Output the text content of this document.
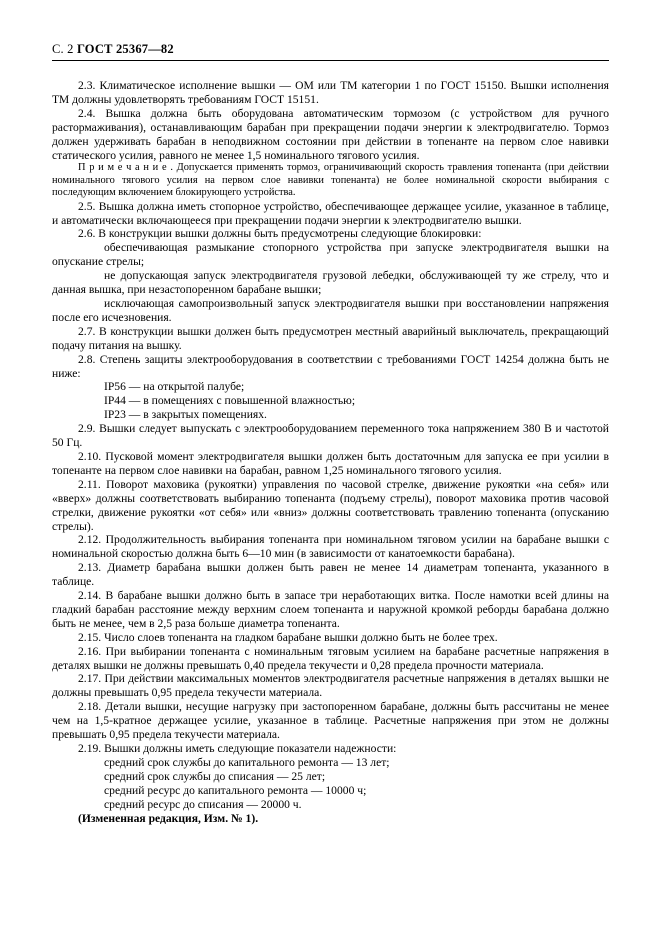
С. 2 ГОСТ 25367—82

2.3. Климатическое исполнение вышки — ОМ или ТМ категории 1 по ГОСТ 15150. Вышки исполнения ТМ должны удовлетворять требованиям ГОСТ 15151.

2.4. Вышка должна быть оборудована автоматическим тормозом (с устройством для ручного растормаживания), останавливающим барабан при прекращении подачи энергии к электродвигателю. Тормоз должен удерживать барабан в неподвижном состоянии при действии в топенанте на первом слое навивки статического усилия, равного не менее 1,5 номинального тягового усилия.

П р и м е ч а н и е . Допускается применять тормоз, ограничивающий скорость травления топенанта (при действии номинального тягового усилия на первом слое навивки топенанта) не более номинальной скорости выбирания с последующим включением блокирующего устройства.

2.5. Вышка должна иметь стопорное устройство, обеспечивающее держащее усилие, указанное в таблице, и автоматически включающееся при прекращении подачи энергии к электродвигателю вышки.

2.6. В конструкции вышки должны быть предусмотрены следующие блокировки:

обеспечивающая размыкание стопорного устройства при запуске электродвигателя вышки на опускание стрелы;

не допускающая запуск электродвигателя грузовой лебедки, обслуживающей ту же стрелу, что и данная вышка, при незастопоренном барабане вышки;

исключающая самопроизвольный запуск электродвигателя вышки при восстановлении напряжения после его исчезновения.

2.7. В конструкции вышки должен быть предусмотрен местный аварийный выключатель, прекращающий подачу питания на вышку.

2.8. Степень защиты электрооборудования в соответствии с требованиями ГОСТ 14254 должна быть не ниже:

IP56 — на открытой палубе;

IP44 — в помещениях с повышенной влажностью;

IP23 — в закрытых помещениях.

2.9. Вышки следует выпускать с электрооборудованием переменного тока напряжением 380 В и частотой 50 Гц.

2.10. Пусковой момент электродвигателя вышки должен быть достаточным для запуска ее при усилии в топенанте на первом слое навивки на барабан, равном 1,25 номинального тягового усилия.

2.11. Поворот маховика (рукоятки) управления по часовой стрелке, движение рукоятки «на себя» или «вверх» должны соответствовать выбиранию топенанта (подъему стрелы), поворот маховика против часовой стрелки, движение рукоятки «от себя» или «вниз» должны соответствовать травлению топенанта (опусканию стрелы).

2.12. Продолжительность выбирания топенанта при номинальном тяговом усилии на барабане вышки с номинальной скоростью должна быть 6—10 мин (в зависимости от канатоемкости барабана).

2.13. Диаметр барабана вышки должен быть равен не менее 14 диаметрам топенанта, указанного в таблице.

2.14. В барабане вышки должно быть в запасе три неработающих витка. После намотки всей длины на гладкий барабан расстояние между верхним слоем топенанта и наружной кромкой реборды барабана должно быть не менее, чем в 2,5 раза больше диаметра топенанта.

2.15. Число слоев топенанта на гладком барабане вышки должно быть не более трех.

2.16. При выбирании топенанта с номинальным тяговым усилием на барабане расчетные напряжения в деталях вышки не должны превышать 0,40 предела текучести и 0,28 предела прочности материала.

2.17. При действии максимальных моментов электродвигателя расчетные напряжения в деталях вышки не должны превышать 0,95 предела текучести материала.

2.18. Детали вышки, несущие нагрузку при застопоренном барабане, должны быть рассчитаны не менее чем на 1,5-кратное держащее усилие, указанное в таблице. Расчетные напряжения при этом не должны превышать 0,95 предела текучести материала.

2.19. Вышки должны иметь следующие показатели надежности:

средний срок службы до капитального ремонта — 13 лет;

средний срок службы до списания — 25 лет;

средний ресурс до капитального ремонта — 10000 ч;

средний ресурс до списания — 20000 ч.

(Измененная редакция, Изм. № 1).
